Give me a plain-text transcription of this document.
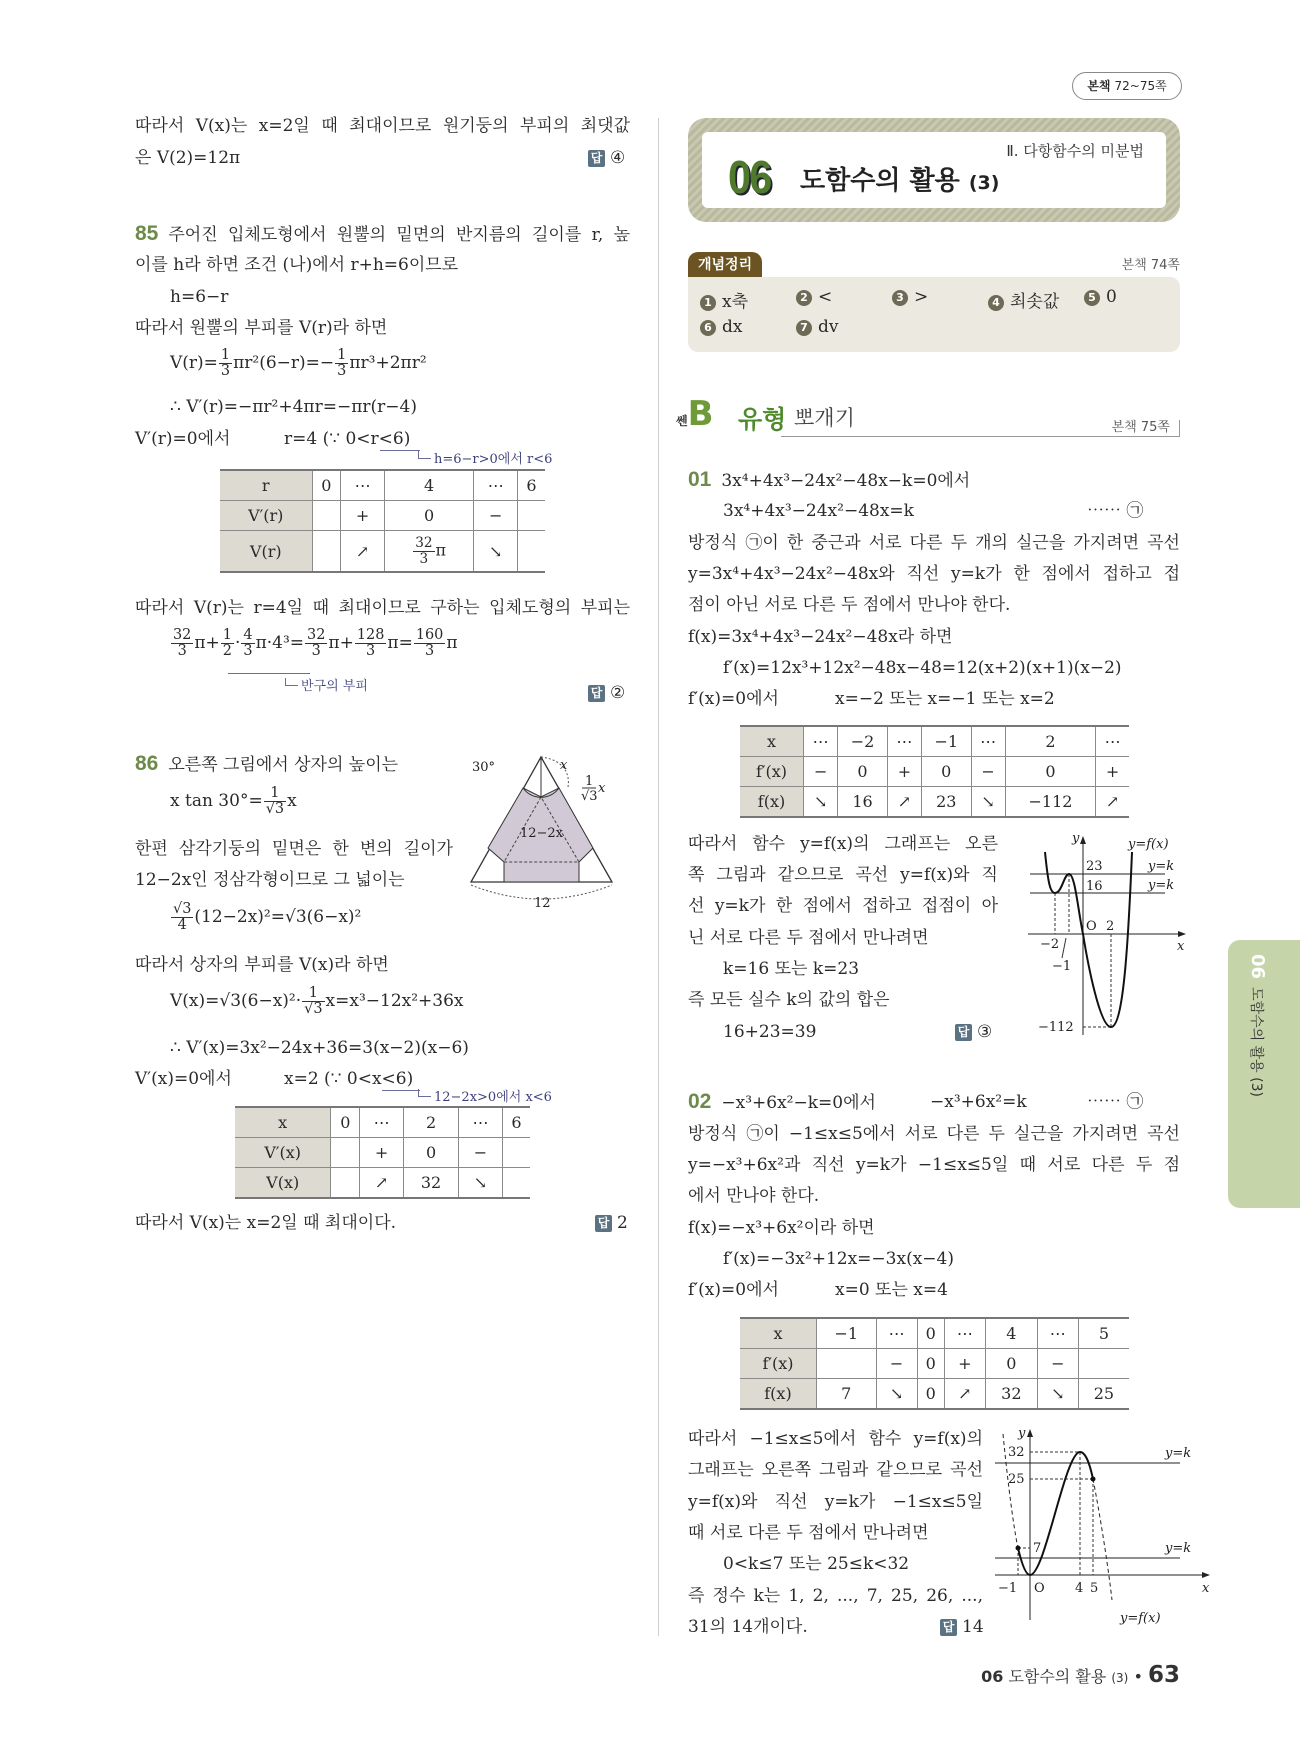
본책 72~75쪽
따라서 V(x)는 x=2일 때 최대이므로 원기둥의 부피의 최댓값
은 V(2)=12π	답 ④
85 주어진 입체도형에서 원뿔의 밑면의 반지름의 길이를 r, 높
이를 h라 하면 조건 (나)에서 r+h=6이므로
h=6−r
따라서 원뿔의 부피를 V(r)라 하면
$V(r)= \frac{1}{3} \pi r^2(6-r)=- \frac{1}{3} \pi r^3+2\pi r^2$
∴ V′(r)=−πr²+4πr=−πr(r−4)
V′(r)=0에서	r=4 (∵ 0<r<6)
h=6−r>0에서 r<6
r	0	⋯	4	⋯	6
V′(r)		+	0	−	
V(r)		↗	$\frac{32}{3}$ π	↘	
따라서 V(r)는 r=4일 때 최대이므로 구하는 입체도형의 부피는
$\frac{32}{3} \pi+ \frac{1}{2} \cdot \frac{4}{3} \pi\cdot 4^3= \frac{32}{3} \pi+ \frac{128}{3} \pi= \frac{160}{3}$ π
반구의 부피	답 ②
86 오른쪽 그림에서 상자의 높이는
x $\tan 30^\circ= \frac{1}{√3}$ x
한편 삼각기둥의 밑면은 한 변의 길이가
12−2x인 정삼각형이므로 그 넓이는
$\frac{√3}{4} (12-2x)^2=√3(6-x)^2$
따라서 상자의 부피를 V(x)라 하면
$V(x)=√3(6-x)^2\cdot \frac{1}{√3} x=x^3-12x^2+36x$
∴ V′(x)=3x²−24x+36=3(x−2)(x−6)
V′(x)=0에서	x=2 (∵ 0<x<6)
12−2x>0에서 x<6
x	0	⋯	2	⋯	6
V′(x)		+	0	−	
V(x)		↗	32	↘	
따라서 V(x)는 x=2일 때 최대이다.	답 2
30°	x
1
√3
x
12−2x
12
06 도함수의 활용 (3)
Ⅱ. 다항함수의 미분법
개념정리	본책 74쪽
1 x축	2 <	3 >	4 최솟값	5 0
6 dx	7 dv
쎈B 유형 뽀개기	본책 75쪽
01 3x⁴+4x³−24x²−48x−k=0에서
3x⁴+4x³−24x²−48x=k	⋯⋯ ㉠
방정식 ㉠이 한 중근과 서로 다른 두 개의 실근을 가지려면 곡선
y=3x⁴+4x³−24x²−48x와 직선 y=k가 한 점에서 접하고 접
점이 아닌 서로 다른 두 점에서 만나야 한다.
f(x)=3x⁴+4x³−24x²−48x라 하면
f′(x)=12x³+12x²−48x−48=12(x+2)(x+1)(x−2)
f′(x)=0에서	x=−2 또는 x=−1 또는 x=2
x	⋯	−2	⋯	−1	⋯	2	⋯
f′(x)	−	0	+	0	−	0	+
f(x)	↘	16	↗	23	↘	−112	↗
따라서 함수 y=f(x)의 그래프는 오른
쪽 그림과 같으므로 곡선 y=f(x)와 직
선 y=k가 한 점에서 접하고 접점이 아
닌 서로 다른 두 점에서 만나려면
k=16 또는 k=23
즉 모든 실수 k의 값의 합은
16+23=39	답 ③
y
x
y=f(x)
23
16
O 2
−2
−1
−112
y=k
y=k
02 −x³+6x²−k=0에서	−x³+6x²=k	⋯⋯ ㉠
방정식 ㉠이 −1≤x≤5에서 서로 다른 두 실근을 가지려면 곡선
y=−x³+6x²과 직선 y=k가 −1≤x≤5일 때 서로 다른 두 점
에서 만나야 한다.
f(x)=−x³+6x²이라 하면
f′(x)=−3x²+12x=−3x(x−4)
f′(x)=0에서	x=0 또는 x=4
x	−1	⋯	0	⋯	4	⋯	5
f′(x)		−	0	+	0	−	
f(x)	7	↘	0	↗	32	↘	25
따라서 −1≤x≤5에서 함수 y=f(x)의
그래프는 오른쪽 그림과 같으므로 곡선
y=f(x)와 직선 y=k가 −1≤x≤5일
때 서로 다른 두 점에서 만나려면
0<k≤7 또는 25≤k<32
즉 정수 k는 1, 2, ..., 7, 25, 26, ...,
31의 14개이다.	답 14
y
x
y=f(x)
32
25
7
O
−1	4 5
y=k
y=k
06도함수의 활용 (3)
06 도함수의 활용 (3) • 63
